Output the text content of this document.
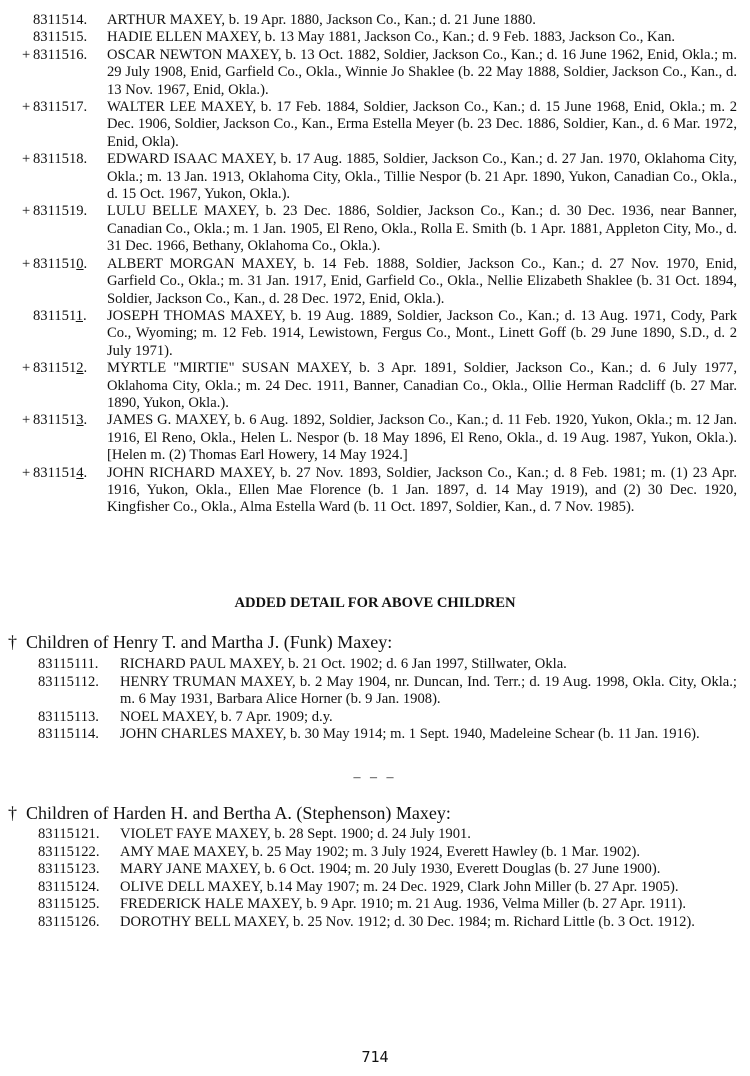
8311514.	ARTHUR MAXEY, b. 19 Apr. 1880, Jackson Co., Kan.; d. 21 June 1880.
8311515.	HADIE ELLEN MAXEY, b. 13 May 1881, Jackson Co., Kan.; d. 9 Feb. 1883, Jackson Co., Kan.
+ 8311516.	OSCAR NEWTON MAXEY, b. 13 Oct. 1882, Soldier, Jackson Co., Kan.; d. 16 June 1962, Enid, Okla.; m. 29 July 1908, Enid, Garfield Co., Okla., Winnie Jo Shaklee (b. 22 May 1888, Soldier, Jackson Co., Kan., d. 13 Nov. 1967, Enid, Okla.).
+ 8311517.	WALTER LEE MAXEY, b. 17 Feb. 1884, Soldier, Jackson Co., Kan.; d. 15 June 1968, Enid, Okla.; m. 2 Dec. 1906, Soldier, Jackson Co., Kan., Erma Estella Meyer (b. 23 Dec. 1886, Soldier, Kan., d. 6 Mar. 1972, Enid, Okla).
+ 8311518.	EDWARD ISAAC MAXEY, b. 17 Aug. 1885, Soldier, Jackson Co., Kan.; d. 27 Jan. 1970, Oklahoma City, Okla.; m. 13 Jan. 1913, Oklahoma City, Okla., Tillie Nespor (b. 21 Apr. 1890, Yukon, Canadian Co., Okla., d. 15 Oct. 1967, Yukon, Okla.).
+ 8311519.	LULU BELLE MAXEY, b. 23 Dec. 1886, Soldier, Jackson Co., Kan.; d. 30 Dec. 1936, near Banner, Canadian Co., Okla.; m. 1 Jan. 1905, El Reno, Okla., Rolla E. Smith (b. 1 Apr. 1881, Appleton City, Mo., d. 31 Dec. 1966, Bethany, Oklahoma Co., Okla.).
+ 8311510.	ALBERT MORGAN MAXEY, b. 14 Feb. 1888, Soldier, Jackson Co., Kan.; d. 27 Nov. 1970, Enid, Garfield Co., Okla.; m. 31 Jan. 1917, Enid, Garfield Co., Okla., Nellie Elizabeth Shaklee (b. 31 Oct. 1894, Soldier, Jackson Co., Kan., d. 28 Dec. 1972, Enid, Okla.).
8311511.	JOSEPH THOMAS MAXEY, b. 19 Aug. 1889, Soldier, Jackson Co., Kan.; d. 13 Aug. 1971, Cody, Park Co., Wyoming; m. 12 Feb. 1914, Lewistown, Fergus Co., Mont., Linett Goff (b. 29 June 1890, S.D., d. 2 July 1971).
+ 8311512.	MYRTLE "MIRTIE" SUSAN MAXEY, b. 3 Apr. 1891, Soldier, Jackson Co., Kan.; d. 6 July 1977, Oklahoma City, Okla.; m. 24 Dec. 1911, Banner, Canadian Co., Okla., Ollie Herman Radcliff (b. 27 Mar. 1890, Yukon, Okla.).
+ 8311513.	JAMES G. MAXEY, b. 6 Aug. 1892, Soldier, Jackson Co., Kan.; d. 11 Feb. 1920, Yukon, Okla.; m. 12 Jan. 1916, El Reno, Okla., Helen L. Nespor (b. 18 May 1896, El Reno, Okla., d. 19 Aug. 1987, Yukon, Okla.). [Helen m. (2) Thomas Earl Howery, 14 May 1924.]
+ 8311514.	JOHN RICHARD MAXEY, b. 27 Nov. 1893, Soldier, Jackson Co., Kan.; d. 8 Feb. 1981; m. (1) 23 Apr. 1916, Yukon, Okla., Ellen Mae Florence (b. 1 Jan. 1897, d. 14 May 1919), and (2) 30 Dec. 1920, Kingfisher Co., Okla., Alma Estella Ward (b. 11 Oct. 1897, Soldier, Kan., d. 7 Nov. 1985).
ADDED DETAIL FOR ABOVE CHILDREN
† Children of Henry T. and Martha J. (Funk) Maxey:
83115111.	RICHARD PAUL MAXEY, b. 21 Oct. 1902; d. 6 Jan 1997, Stillwater, Okla.
83115112.	HENRY TRUMAN MAXEY, b. 2 May 1904, nr. Duncan, Ind. Terr.; d. 19 Aug. 1998, Okla. City, Okla.; m. 6 May 1931, Barbara Alice Horner (b. 9 Jan. 1908).
83115113.	NOEL MAXEY, b. 7 Apr. 1909; d.y.
83115114.	JOHN CHARLES MAXEY, b. 30 May 1914; m. 1 Sept. 1940, Madeleine Schear (b. 11 Jan. 1916).
– – –
† Children of Harden H. and Bertha A. (Stephenson) Maxey:
83115121.	VIOLET FAYE MAXEY, b. 28 Sept. 1900; d. 24 July 1901.
83115122.	AMY MAE MAXEY, b. 25 May 1902; m. 3 July 1924, Everett Hawley (b. 1 Mar. 1902).
83115123.	MARY JANE MAXEY, b. 6 Oct. 1904; m. 20 July 1930, Everett Douglas (b. 27 June 1900).
83115124.	OLIVE DELL MAXEY, b.14 May 1907; m. 24 Dec. 1929, Clark John Miller (b. 27 Apr. 1905).
83115125.	FREDERICK HALE MAXEY, b. 9 Apr. 1910; m. 21 Aug. 1936, Velma Miller (b. 27 Apr. 1911).
83115126.	DOROTHY BELL MAXEY, b. 25 Nov. 1912; d. 30 Dec. 1984; m. Richard Little (b. 3 Oct. 1912).
714
